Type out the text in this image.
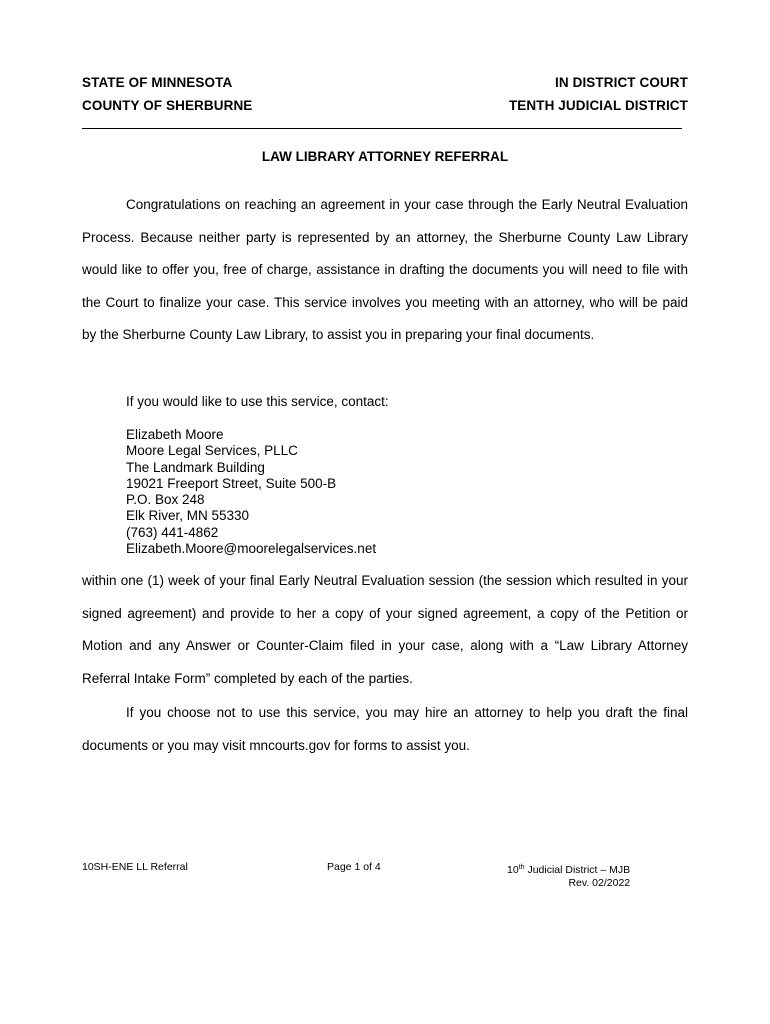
STATE OF MINNESOTA	IN DISTRICT COURT
COUNTY OF SHERBURNE	TENTH JUDICIAL DISTRICT
LAW LIBRARY ATTORNEY REFERRAL

Congratulations on reaching an agreement in your case through the Early Neutral Evaluation Process. Because neither party is represented by an attorney, the Sherburne County Law Library would like to offer you, free of charge, assistance in drafting the documents you will need to file with the Court to finalize your case. This service involves you meeting with an attorney, who will be paid by the Sherburne County Law Library, to assist you in preparing your final documents.

If you would like to use this service, contact:

Elizabeth Moore
Moore Legal Services, PLLC
The Landmark Building
19021 Freeport Street, Suite 500-B
P.O. Box 248
Elk River, MN 55330
(763) 441-4862
Elizabeth.Moore@moorelegalservices.net

within one (1) week of your final Early Neutral Evaluation session (the session which resulted in your signed agreement) and provide to her a copy of your signed agreement, a copy of the Petition or Motion and any Answer or Counter-Claim filed in your case, along with a “Law Library Attorney Referral Intake Form” completed by each of the parties.

If you choose not to use this service, you may hire an attorney to help you draft the final documents or you may visit mncourts.gov for forms to assist you.

10SH-ENE LL Referral	Page 1 of 4	10th Judicial District – MJB
Rev. 02/2022
